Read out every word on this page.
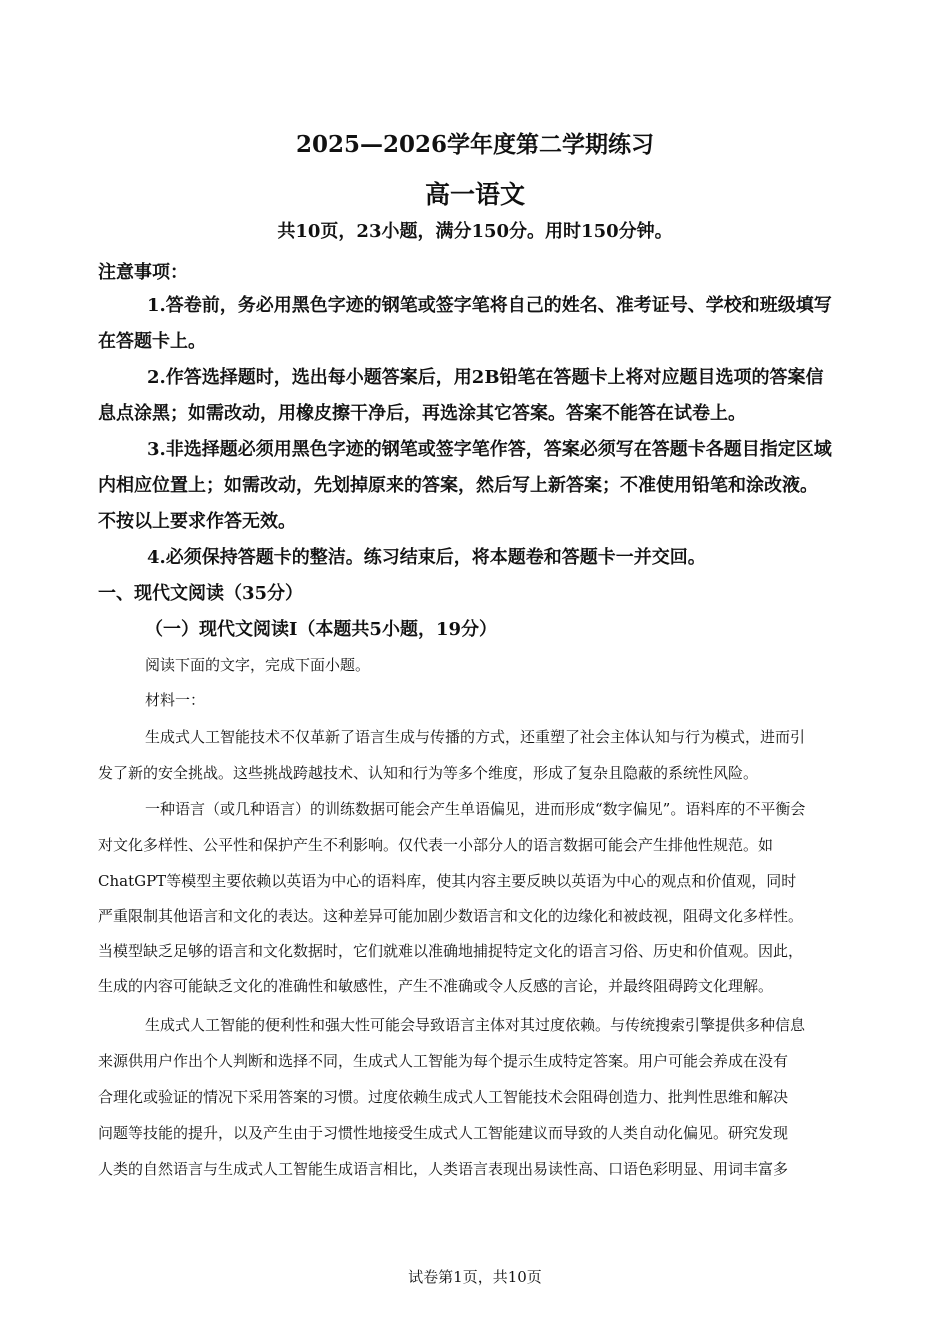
2025—2026学年度第二学期练习
高一语文
共10页，23小题，满分150分。用时150分钟。
注意事项：
1.答卷前，务必用黑色字迹的钢笔或签字笔将自己的姓名、准考证号、学校和班级填写
在答题卡上。
2.作答选择题时，选出每小题答案后，用2B铅笔在答题卡上将对应题目选项的答案信
息点涂黑；如需改动，用橡皮擦干净后，再选涂其它答案。答案不能答在试卷上。
3.非选择题必须用黑色字迹的钢笔或签字笔作答，答案必须写在答题卡各题目指定区域
内相应位置上；如需改动，先划掉原来的答案，然后写上新答案；不准使用铅笔和涂改液。
不按以上要求作答无效。
4.必须保持答题卡的整洁。练习结束后，将本题卷和答题卡一并交回。
一、现代文阅读（35分）
（一）现代文阅读I（本题共5小题，19分）
阅读下面的文字，完成下面小题。
材料一：
生成式人工智能技术不仅革新了语言生成与传播的方式，还重塑了社会主体认知与行为模式，进而引
发了新的安全挑战。这些挑战跨越技术、认知和行为等多个维度，形成了复杂且隐蔽的系统性风险。
一种语言（或几种语言）的训练数据可能会产生单语偏见，进而形成“数字偏见”。语料库的不平衡会
对文化多样性、公平性和保护产生不利影响。仅代表一小部分人的语言数据可能会产生排他性规范。如
ChatGPT等模型主要依赖以英语为中心的语料库，使其内容主要反映以英语为中心的观点和价值观，同时
严重限制其他语言和文化的表达。这种差异可能加剧少数语言和文化的边缘化和被歧视，阻碍文化多样性。
当模型缺乏足够的语言和文化数据时，它们就难以准确地捕捉特定文化的语言习俗、历史和价值观。因此，
生成的内容可能缺乏文化的准确性和敏感性，产生不准确或令人反感的言论，并最终阻碍跨文化理解。
生成式人工智能的便利性和强大性可能会导致语言主体对其过度依赖。与传统搜索引擎提供多种信息
来源供用户作出个人判断和选择不同，生成式人工智能为每个提示生成特定答案。用户可能会养成在没有
合理化或验证的情况下采用答案的习惯。过度依赖生成式人工智能技术会阻碍创造力、批判性思维和解决
问题等技能的提升，以及产生由于习惯性地接受生成式人工智能建议而导致的人类自动化偏见。研究发现
人类的自然语言与生成式人工智能生成语言相比，人类语言表现出易读性高、口语色彩明显、用词丰富多
试卷第1页，共10页
